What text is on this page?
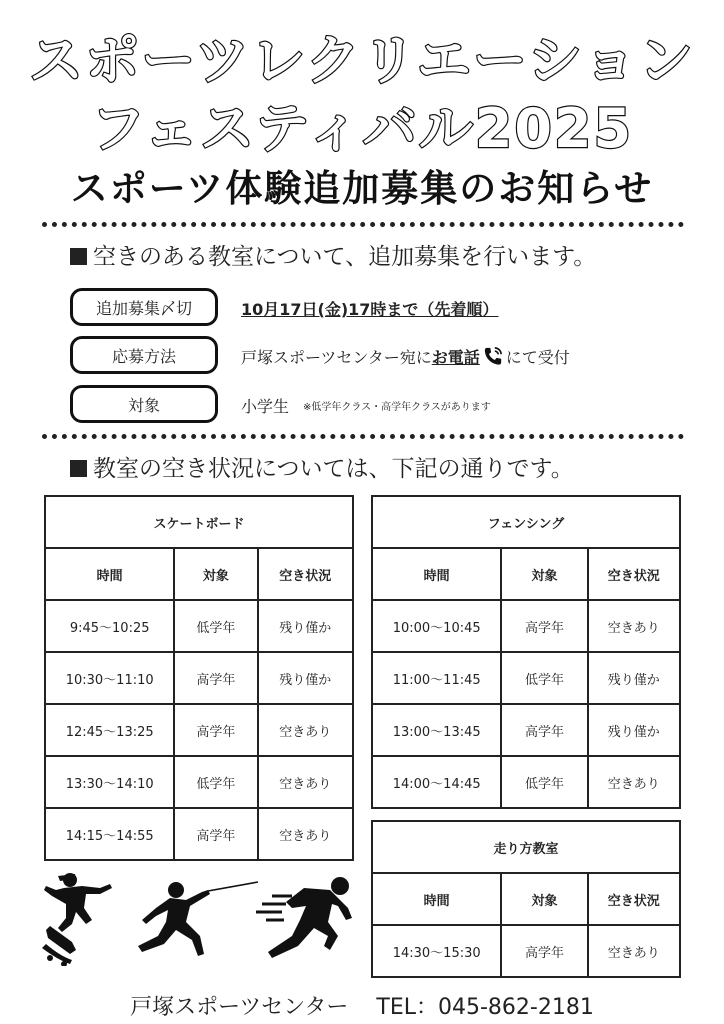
スポーツレクリエーション
フェスティバル2025
スポーツ体験追加募集のお知らせ
空きのある教室について、追加募集を行います。
追加募集〆切	10月17日(金)17時まで（先着順）
応募方法	戸塚スポーツセンター宛にお電話 にて受付
対象	小学生 ※低学年クラス・高学年クラスがあります
教室の空き状況については、下記の通りです。
スケートボード		
時間	対象	空き状況
9:45～10:25	低学年	残り僅か
10:30～11:10	高学年	残り僅か
12:45～13:25	高学年	空きあり
13:30～14:10	低学年	空きあり
14:15～14:55	高学年	空きあり
フェンシング		
時間	対象	空き状況
10:00～10:45	高学年	空きあり
11:00～11:45	低学年	残り僅か
13:00～13:45	高学年	残り僅か
14:00～14:45	低学年	空きあり
走り方教室		
時間	対象	空き状況
14:30～15:30	高学年	空きあり
戸塚スポーツセンター TEL：045-862-2181
